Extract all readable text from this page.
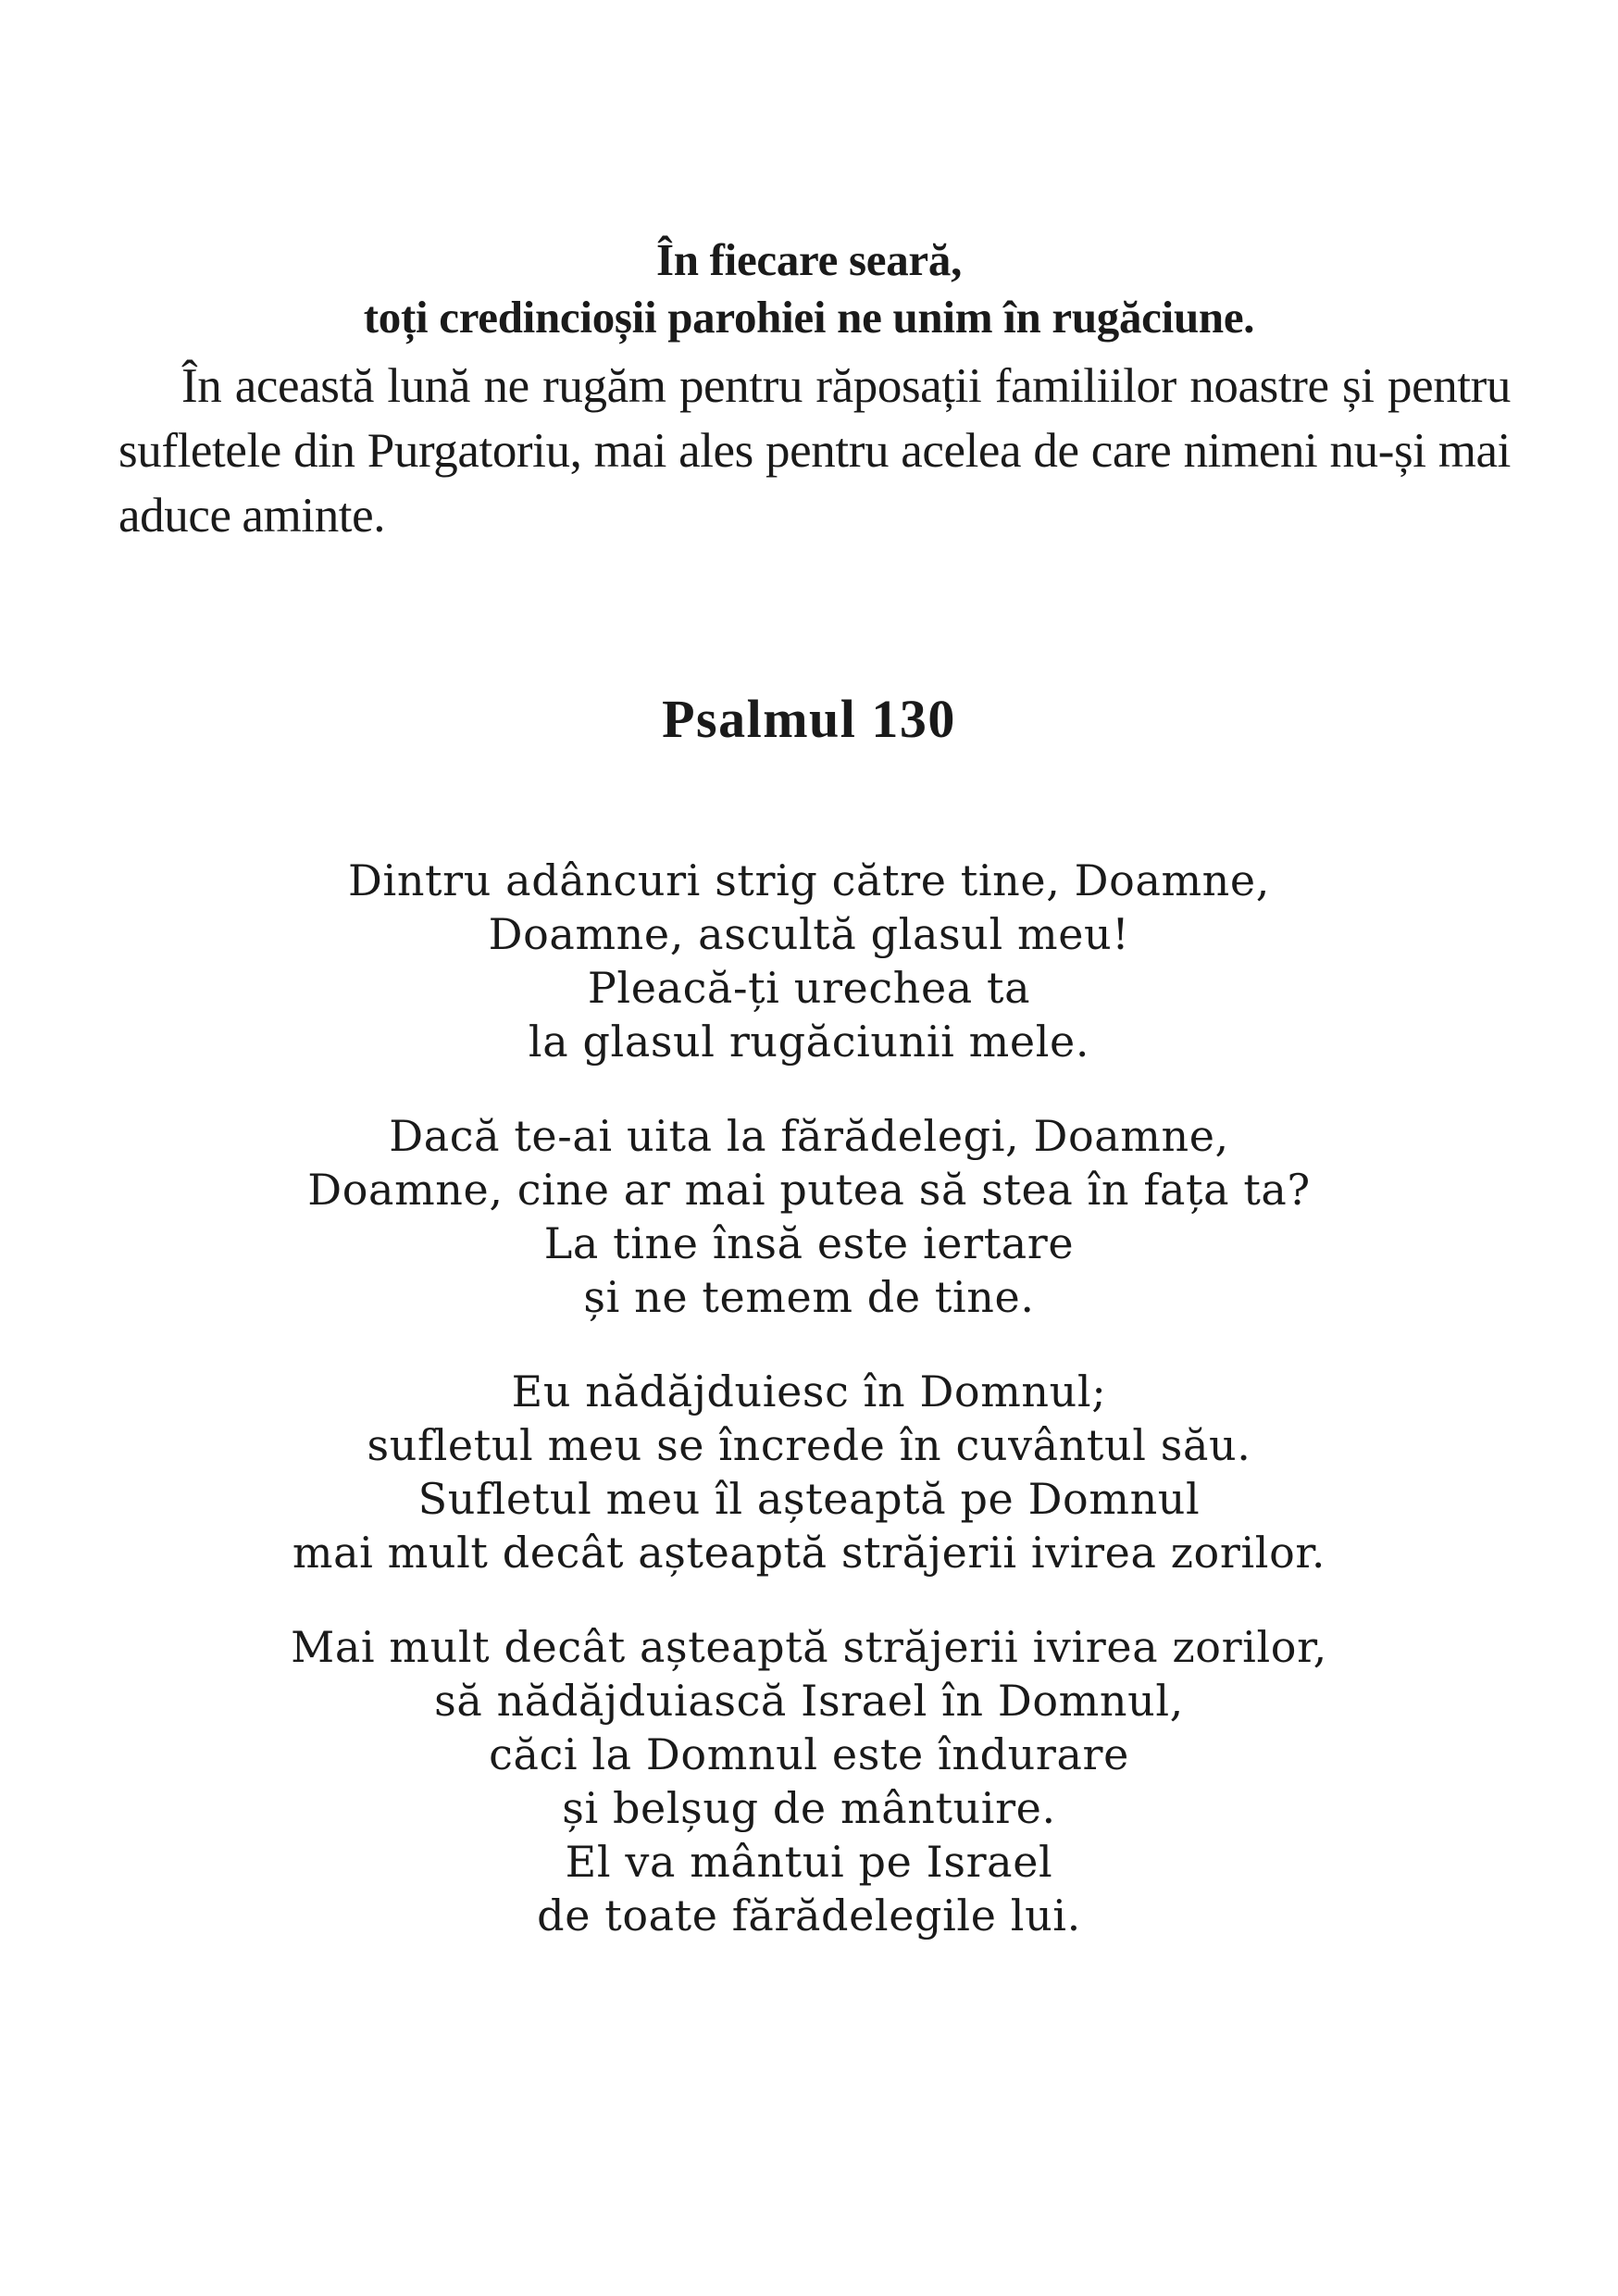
În fiecare seară,
toți credincioșii parohiei ne unim în rugăciune.

În această lună ne rugăm pentru răposații familiilor noastre și pentru sufletele din Purgatoriu, mai ales pentru acelea de care nimeni nu-și mai aduce aminte.

Psalmul 130
Dintru adâncuri strig către tine, Doamne,
Doamne, ascultă glasul meu!
Pleacă-ți urechea ta
la glasul rugăciunii mele.
Dacă te-ai uita la fărădelegi, Doamne,
Doamne, cine ar mai putea să stea în fața ta?
La tine însă este iertare
și ne temem de tine.
Eu nădăjduiesc în Domnul;
sufletul meu se încrede în cuvântul său.
Sufletul meu îl așteaptă pe Domnul
mai mult decât așteaptă străjerii ivirea zorilor.
Mai mult decât așteaptă străjerii ivirea zorilor,
să nădăjduiască Israel în Domnul,
căci la Domnul este îndurare
și belșug de mântuire.
El va mântui pe Israel
de toate fărădelegile lui.
